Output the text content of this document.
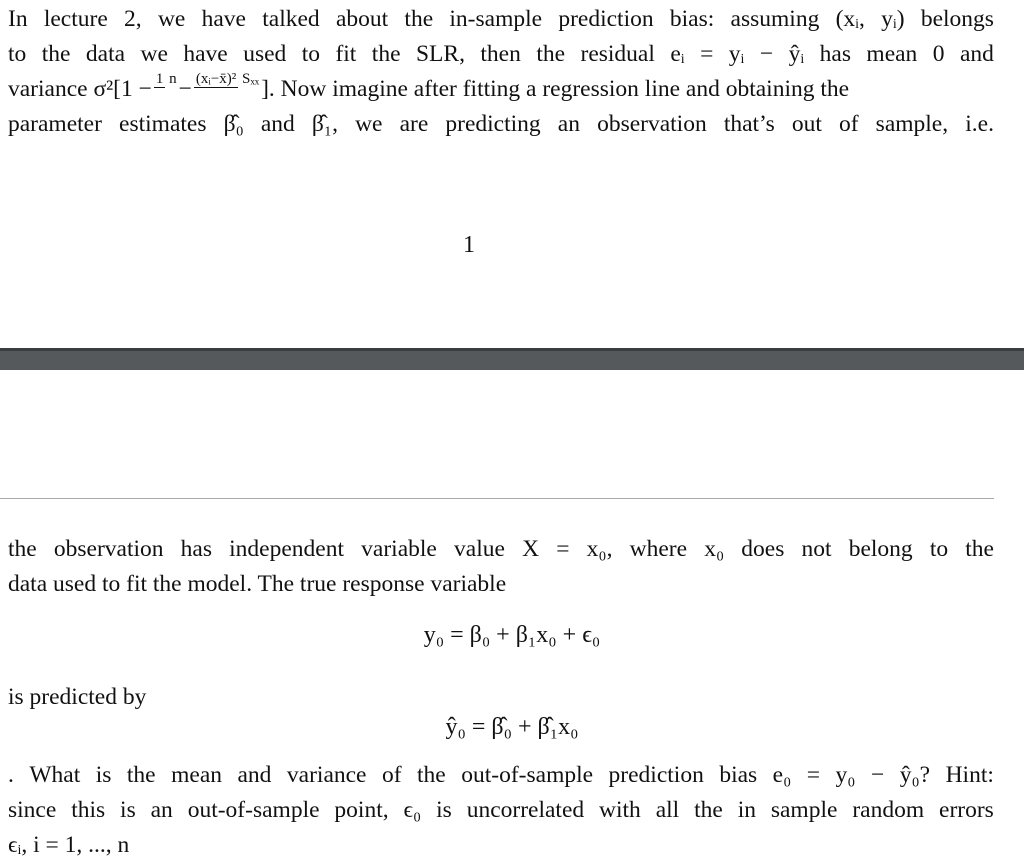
In lecture 2, we have talked about the in-sample prediction bias: assuming (xᵢ, yᵢ) belongs
to the data we have used to fit the SLR, then the residual eᵢ = yᵢ − ŷᵢ has mean 0 and
variance σ²[1 − 1 n − (xᵢ−x̄)² Sₓₓ ]. Now imagine after fitting a regression line and obtaining the
parameter estimates β̂₀ and β̂₁, we are predicting an observation that’s out of sample, i.e.
1
the observation has independent variable value X = x₀, where x₀ does not belong to the
data used to fit the model. The true response variable
y₀ = β₀ + β₁x₀ + ϵ₀
is predicted by
ŷ₀ = β̂₀ + β̂₁x₀
. What is the mean and variance of the out-of-sample prediction bias e₀ = y₀ − ŷ₀? Hint:
since this is an out-of-sample point, ϵ₀ is uncorrelated with all the in sample random errors
ϵᵢ, i = 1, ..., n
